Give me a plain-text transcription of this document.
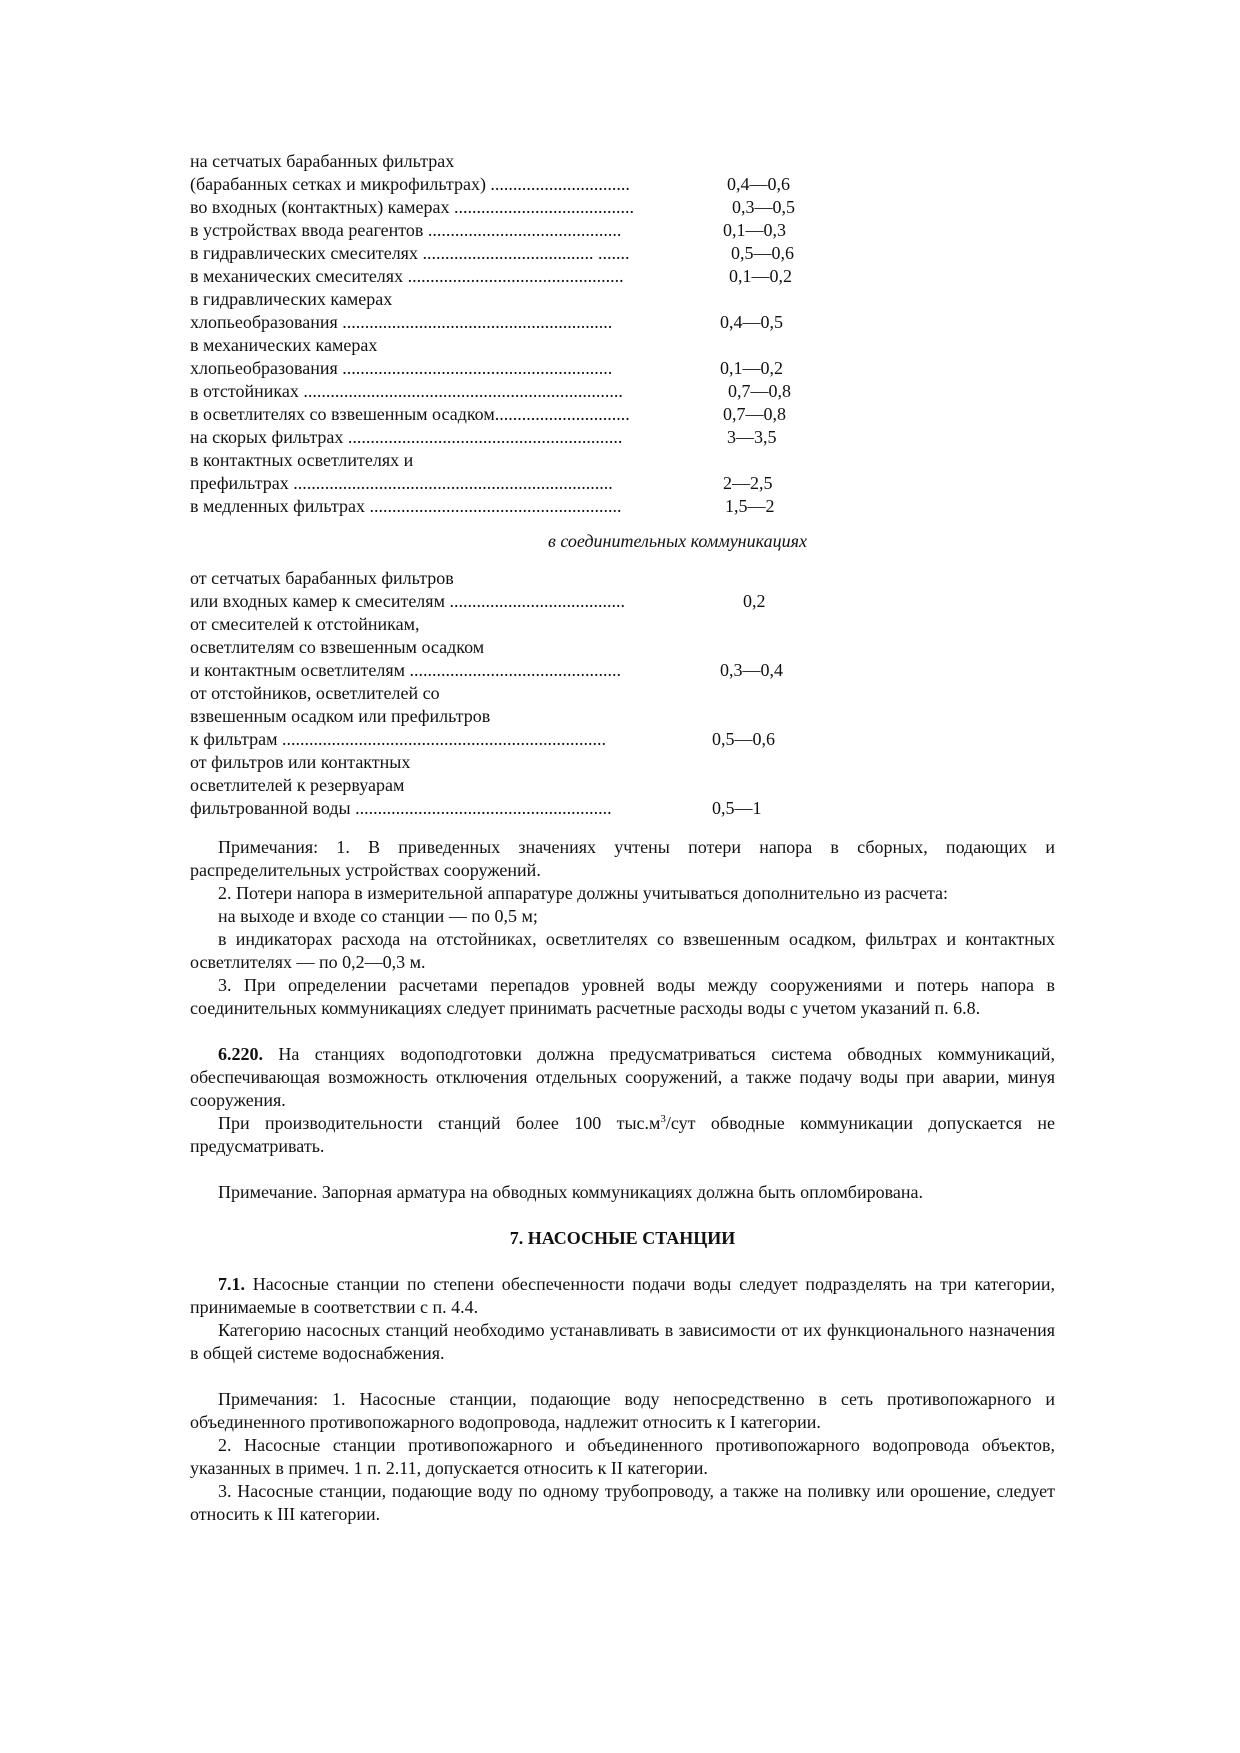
на сетчатых барабанных фильтрах
(барабанных сетках и микрофильтрах) ...............................	0,4—0,6
во входных (контактных) камерах ........................................	0,3—0,5
в устройствах ввода реагентов ...........................................	0,1—0,3
в гидравлических смесителях ...................................... .......	0,5—0,6
в механических смесителях ................................................	0,1—0,2
в гидравлических камерах
хлопьеобразования ............................................................	0,4—0,5
в механических камерах
хлопьеобразования ............................................................	0,1—0,2
в отстойниках .......................................................................	0,7—0,8
в осветлителях со взвешенным осадком..............................	0,7—0,8
на скорых фильтрах .............................................................	3—3,5
в контактных осветлителях и
префильтрах .......................................................................	2—2,5
в медленных фильтрах ........................................................	1,5—2
в соединительных коммуникациях
от сетчатых барабанных фильтров
или входных камер к смесителям .......................................	0,2
от смесителей к отстойникам,
осветлителям со взвешенным осадком
и контактным осветлителям ...............................................	0,3—0,4
от отстойников, осветлителей со
взвешенным осадком или префильтров
к фильтрам ........................................................................	0,5—0,6
от фильтров или контактных
осветлителей к резервуарам
фильтрованной воды .........................................................	0,5—1

Примечания: 1. В приведенных значениях учтены потери напора в сборных, подающих и распределительных устройствах сооружений.

2. Потери напора в измерительной аппаратуре должны учитываться дополнительно из расчета:

на выходе и входе со станции — по 0,5 м;

в индикаторах расхода на отстойниках, осветлителях со взвешенным осадком, фильтрах и контактных осветлителях — по 0,2—0,3 м.

3. При определении расчетами перепадов уровней воды между сооружениями и потерь напора в соединительных коммуникациях следует принимать расчетные расходы воды с учетом указаний п. 6.8.

6.220. На станциях водоподготовки должна предусматриваться система обводных коммуникаций, обеспечивающая возможность отключения отдельных сооружений, а также подачу воды при аварии, минуя сооружения.

При производительности станций более 100 $тыс.м^3$/сут обводные коммуникации допускается не предусматривать.

Примечание. Запорная арматура на обводных коммуникациях должна быть опломбирована.

7. НАСОСНЫЕ СТАНЦИИ

7.1. Насосные станции по степени обеспеченности подачи воды следует подразделять на три категории, принимаемые в соответствии с п. 4.4.

Категорию насосных станций необходимо устанавливать в зависимости от их функционального назначения в общей системе водоснабжения.

Примечания: 1. Насосные станции, подающие воду непосредственно в сеть противопожарного и объединенного противопожарного водопровода, надлежит относить к I категории.

2. Насосные станции противопожарного и объединенного противопожарного водопровода объектов, указанных в примеч. 1 п. 2.11, допускается относить к II категории.

3. Насосные станции, подающие воду по одному трубопроводу, а также на поливку или орошение, следует относить к III категории.
